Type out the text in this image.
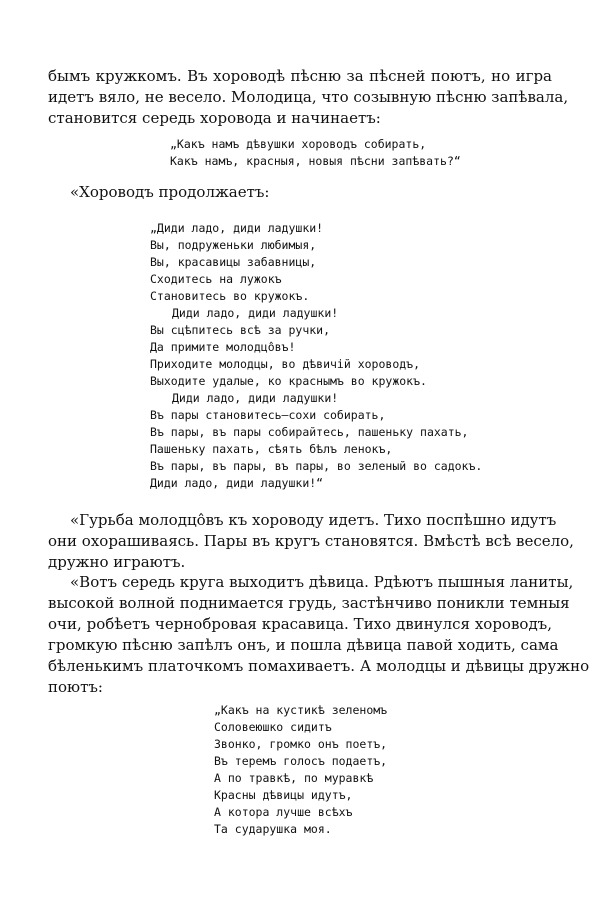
бымъ кружкомъ. Въ хороводѣ пѣсню за пѣсней поютъ, но игра
идетъ вяло, не весело. Молодица, что созывную пѣсню запѣвала,
становится середь хоровода и начинаетъ:
„Какъ намъ дѣвушки хороводъ собирать,
Какъ намъ, красныя, новыя пѣсни запѣвать?“
«Хороводъ продолжаетъ:
„Диди ладо, диди ладушки!
Вы, подруженьки любимыя,
Вы, красавицы забавницы,
Сходитесь на лужокъ
Становитесь во кружокъ.
Диди ладо, диди ладушки!
Вы сцѣпитесь всѣ за ручки,
Да примите молодцо̂въ!
Приходите молодцы, во дѣвичій хороводъ,
Выходите удалые, ко краснымъ во кружокъ.
Диди ладо, диди ладушки!
Въ пары становитесь—сохи собирать,
Въ пары, въ пары собирайтесь, пашеньку пахать,
Пашеньку пахать, сѣять бѣлъ ленокъ,
Въ пары, въ пары, въ пары, во зеленый во садокъ.
Диди ладо, диди ладушки!“
«Гурьба молодцо̂въ къ хороводу идетъ. Тихо поспѣшно идутъ
они охорашиваясь. Пары въ кругъ становятся. Вмѣстѣ всѣ весело,
дружно играютъ.
«Вотъ середь круга выходитъ дѣвица. Рдѣютъ пышныя ланиты,
высокой волной поднимается грудь, застѣнчиво поникли темныя
очи, робѣетъ чернобровая красавица. Тихо двинулся хороводъ,
громкую пѣсню запѣлъ онъ, и пошла дѣвица павой ходить, сама
бѣленькимъ платочкомъ помахиваетъ. А молодцы и дѣвицы дружно
поютъ:
„Какъ на кустикѣ зеленомъ
Соловеюшко сидитъ
Звонко, громко онъ поетъ,
Въ теремъ голосъ подаетъ,
А по травкѣ, по муравкѣ
Красны дѣвицы идутъ,
А котора лучше всѣхъ
Та сударушка моя.
